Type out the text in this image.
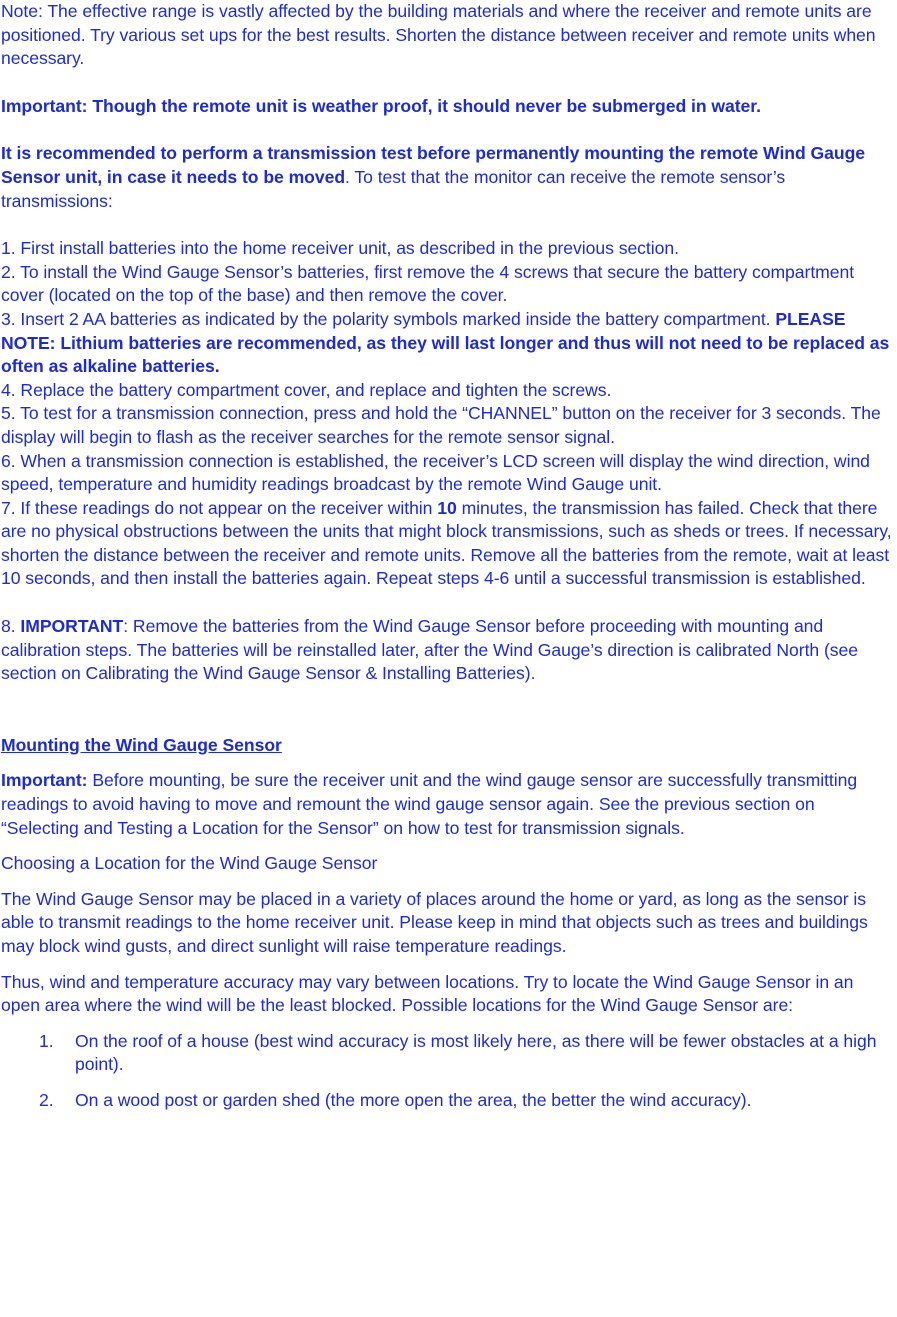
Note: The effective range is vastly affected by the building materials and where the receiver and remote units are positioned. Try various set ups for the best results. Shorten the distance between receiver and remote units when necessary.

Important: Though the remote unit is weather proof, it should never be submerged in water.

It is recommended to perform a transmission test before permanently mounting the remote Wind Gauge Sensor unit, in case it needs to be moved. To test that the monitor can receive the remote sensor’s transmissions:

1. First install batteries into the home receiver unit, as described in the previous section.

2. To install the Wind Gauge Sensor’s batteries, first remove the 4 screws that secure the battery compartment cover (located on the top of the base) and then remove the cover.

3. Insert 2 AA batteries as indicated by the polarity symbols marked inside the battery compartment. PLEASE NOTE: Lithium batteries are recommended, as they will last longer and thus will not need to be replaced as often as alkaline batteries.

4. Replace the battery compartment cover, and replace and tighten the screws.

5. To test for a transmission connection, press and hold the “CHANNEL” button on the receiver for 3 seconds. The display will begin to flash as the receiver searches for the remote sensor signal.

6. When a transmission connection is established, the receiver’s LCD screen will display the wind direction, wind speed, temperature and humidity readings broadcast by the remote Wind Gauge unit.

7. If these readings do not appear on the receiver within 10 minutes, the transmission has failed. Check that there are no physical obstructions between the units that might block transmissions, such as sheds or trees. If necessary, shorten the distance between the receiver and remote units. Remove all the batteries from the remote, wait at least 10 seconds, and then install the batteries again. Repeat steps 4-6 until a successful transmission is established.

8. IMPORTANT: Remove the batteries from the Wind Gauge Sensor before proceeding with mounting and calibration steps. The batteries will be reinstalled later, after the Wind Gauge’s direction is calibrated North (see section on Calibrating the Wind Gauge Sensor & Installing Batteries).

Mounting the Wind Gauge Sensor

Important: Before mounting, be sure the receiver unit and the wind gauge sensor are successfully transmitting readings to avoid having to move and remount the wind gauge sensor again. See the previous section on “Selecting and Testing a Location for the Sensor” on how to test for transmission signals.

Choosing a Location for the Wind Gauge Sensor

The Wind Gauge Sensor may be placed in a variety of places around the home or yard, as long as the sensor is able to transmit readings to the home receiver unit. Please keep in mind that objects such as trees and buildings may block wind gusts, and direct sunlight will raise temperature readings.

Thus, wind and temperature accuracy may vary between locations. Try to locate the Wind Gauge Sensor in an open area where the wind will be the least blocked. Possible locations for the Wind Gauge Sensor are:

1. On the roof of a house (best wind accuracy is most likely here, as there will be fewer obstacles at a high point).
2. On a wood post or garden shed (the more open the area, the better the wind accuracy).
